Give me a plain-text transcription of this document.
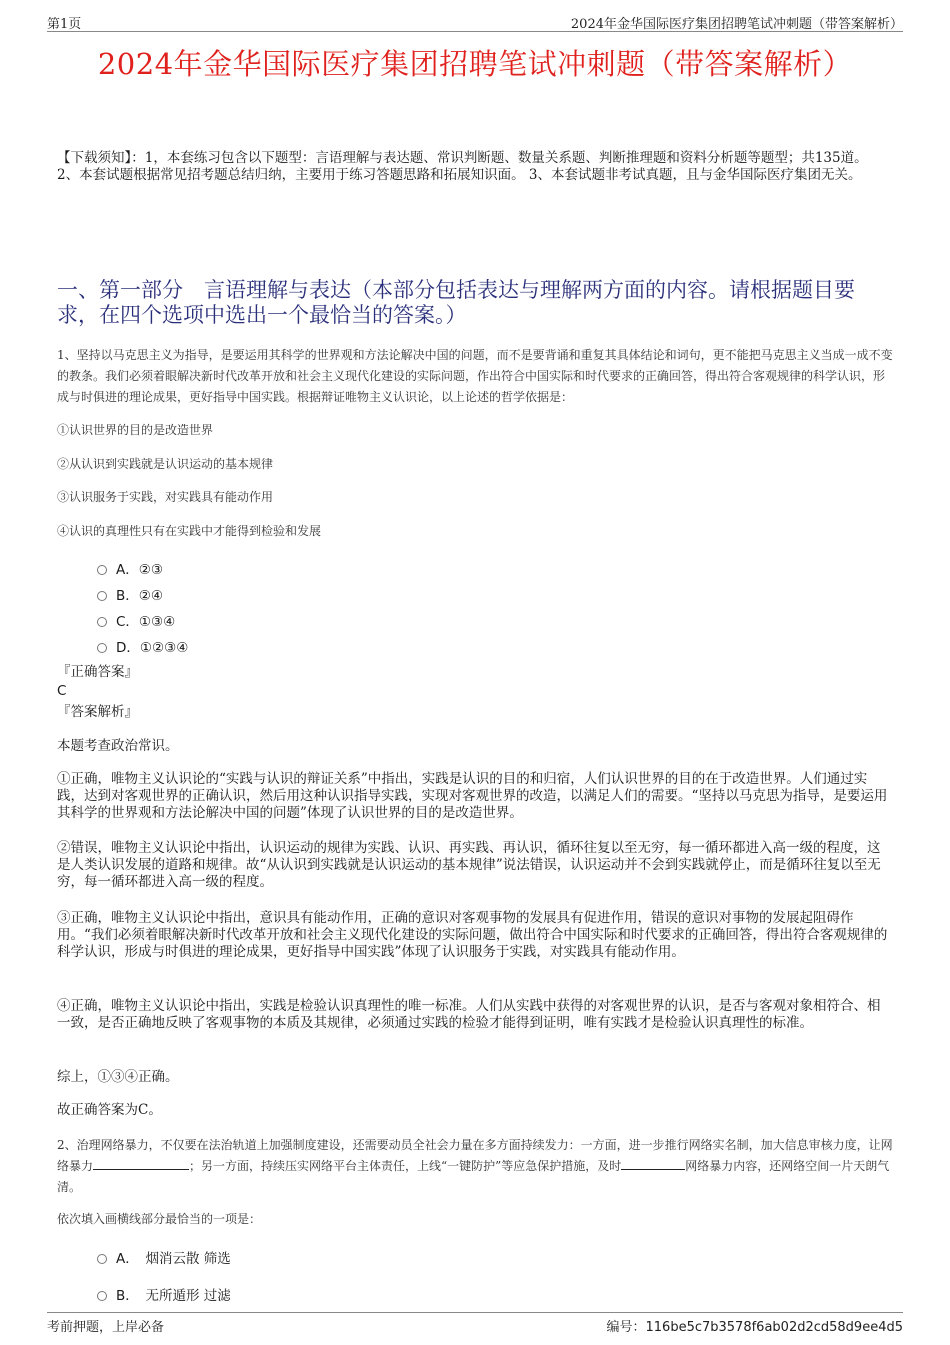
第1页	2024年金华国际医疗集团招聘笔试冲刺题（带答案解析）
2024年金华国际医疗集团招聘笔试冲刺题（带答案解析）
【下载须知】：1，本套练习包含以下题型：言语理解与表达题、常识判断题、数量关系题、判断推理题和资料分析题等题型；共135道。 2、本套试题根据常见招考题总结归纳，主要用于练习答题思路和拓展知识面。 3、本套试题非考试真题，且与金华国际医疗集团无关。
一、第一部分　言语理解与表达（本部分包括表达与理解两方面的内容。请根据题目要求，在四个选项中选出一个最恰当的答案。）
1、坚持以马克思主义为指导，是要运用其科学的世界观和方法论解决中国的问题，而不是要背诵和重复其具体结论和词句，更不能把马克思主义当成一成不变的教条。我们必须着眼解决新时代改革开放和社会主义现代化建设的实际问题，作出符合中国实际和时代要求的正确回答，得出符合客观规律的科学认识，形成与时俱进的理论成果，更好指导中国实践。根据辩证唯物主义认识论，以上论述的哲学依据是：
①认识世界的目的是改造世界
②从认识到实践就是认识运动的基本规律
③认识服务于实践，对实践具有能动作用
④认识的真理性只有在实践中才能得到检验和发展
A．②③
B．②④
C．①③④
D．①②③④
『正确答案』
C
『答案解析』
本题考查政治常识。
①正确，唯物主义认识论的“实践与认识的辩证关系”中指出，实践是认识的目的和归宿，人们认识世界的目的在于改造世界。人们通过实践，达到对客观世界的正确认识，然后用这种认识指导实践，实现对客观世界的改造，以满足人们的需要。“坚持以马克思为指导，是要运用其科学的世界观和方法论解决中国的问题”体现了认识世界的目的是改造世界。
②错误，唯物主义认识论中指出，认识运动的规律为实践、认识、再实践、再认识，循环往复以至无穷，每一循环都进入高一级的程度，这是人类认识发展的道路和规律。故“从认识到实践就是认识运动的基本规律”说法错误，认识运动并不会到实践就停止，而是循环往复以至无穷，每一循环都进入高一级的程度。
③正确，唯物主义认识论中指出，意识具有能动作用，正确的意识对客观事物的发展具有促进作用，错误的意识对事物的发展起阻碍作用。“我们必须着眼解决新时代改革开放和社会主义现代化建设的实际问题，做出符合中国实际和时代要求的正确回答，得出符合客观规律的科学认识，形成与时俱进的理论成果，更好指导中国实践”体现了认识服务于实践，对实践具有能动作用。
④正确，唯物主义认识论中指出，实践是检验认识真理性的唯一标准。人们从实践中获得的对客观世界的认识，是否与客观对象相符合、相一致，是否正确地反映了客观事物的本质及其规律，必须通过实践的检验才能得到证明，唯有实践才是检验认识真理性的标准。
综上，①③④正确。
故正确答案为C。
2、治理网络暴力，不仅要在法治轨道上加强制度建设，还需要动员全社会力量在多方面持续发力：一方面，进一步推行网络实名制，加大信息审核力度，让网络暴力	；另一方面，持续压实网络平台主体责任，上线“一键防护”等应急保护措施，及时	网络暴力内容，还网络空间一片天朗气清。
依次填入画横线部分最恰当的一项是：
A．　烟消云散 筛选
B．　无所遁形 过滤
考前押题，上岸必备	编号：116be5c7b3578f6ab02d2cd58d9ee4d5
